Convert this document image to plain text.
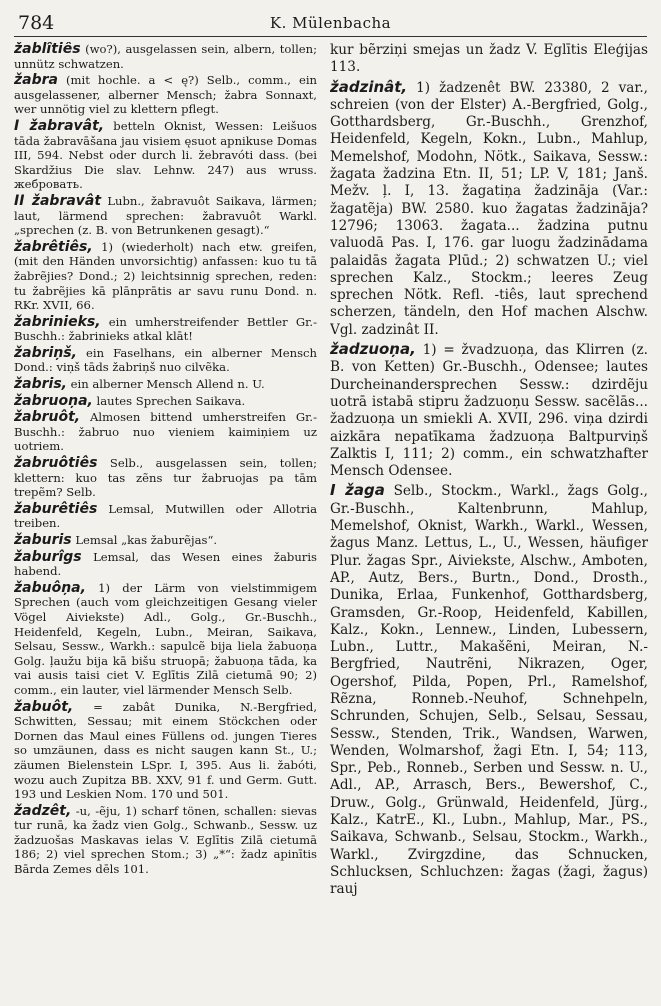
784	K. Mülenbacha

žablîtiês (wo?), ausgelassen sein, albern, tollen; unnütz schwatzen.

žabra (mit hochle. a < ę?) Selb., comm., ein ausgelassener, alberner Mensch; žabra Sonnaxt, wer unnötig viel zu klettern pflegt.

I žabravât, betteln Oknist, Wessen: Leišuos tāda žabravāšana jau visiem ęsuot apnikuse Domas III, 594. Nebst oder durch li. žebravóti dass. (bei Skardžius Die slav. Lehnw. 247) aus wruss. жебровать.

II žabravât Lubn., žabravuôt Saikava, lärmen; laut, lärmend sprechen: žabravuôt Warkl. „sprechen (z. B. von Betrunkenen gesagt).“

žabrêtiês, 1) (wiederholt) nach etw. greifen, (mit den Händen unvorsichtig) anfassen: kuo tu tā žabrẽjies? Dond.; 2) leichtsinnig sprechen, reden: tu žabrẽjies kā plānprātis ar savu runu Dond. n. RKr. XVII, 66.

žabrinieks, ein umherstreifender Bettler Gr.-Buschh.: žabrinieks atkal klāt!

žabriņš, ein Faselhans, ein alberner Mensch Dond.: viņš tāds žabriņš nuo cilvẽka.

žabris, ein alberner Mensch Allend n. U.

žabruoņa, lautes Sprechen Saikava.

žabruôt, Almosen bittend umherstreifen Gr.-Buschh.: žabruo nuo vieniem kaimiņiem uz uotriem.

žabruôtiês Selb., ausgelassen sein, tollen; klettern: kuo tas zẽns tur žabruojas pa tām trepẽm? Selb.

žaburêtiês Lemsal, Mutwillen oder Allotria treiben.

žaburis Lemsal „kas žaburẽjas“.

žaburîgs Lemsal, das Wesen eines žaburis habend.

žabuôņa, 1) der Lärm von vielstimmigem Sprechen (auch vom gleichzeitigen Gesang vieler Vögel Aiviekste) Adl., Golg., Gr.-Buschh., Heidenfeld, Kegeln, Lubn., Meiran, Saikava, Selsau, Sessw., Warkh.: sapulcẽ bija liela žabuoņa Golg. ļaužu bija kā bišu struopā; žabuoņa tāda, ka vai ausis taisi ciet V. Eglītis Zilā cietumā 90; 2) comm., ein lauter, viel lärmender Mensch Selb.

žabuôt, = zabât Dunika, N.-Bergfried, Schwitten, Sessau; mit einem Stöckchen oder Dornen das Maul eines Füllens od. jungen Tieres so umzäunen, dass es nicht saugen kann St., U.; zäumen Bielenstein LSpr. I, 395. Aus li. žabóti, wozu auch Zupitza BB. XXV, 91 f. und Germ. Gutt. 193 und Leskien Nom. 170 und 501.

žadzêt, -u, -ẽju, 1) scharf tönen, schallen: sievas tur runā, ka žadz vien Golg., Schwanb., Sessw. uz žadzuošas Maskavas ielas V. Eglītis Zilā cietumā 186; 2) viel sprechen Stom.; 3) „*“: žadz apinītis Bārda Zemes dēls 101.

kur bẽrziņi smejas un žadz V. Eglītis Eleģijas 113.

žadzinât, 1) žadzenêt BW. 23380, 2 var., schreien (von der Elster) A.-Bergfried, Golg., Gotthardsberg, Gr.-Buschh., Grenzhof, Heidenfeld, Kegeln, Kokn., Lubn., Mahlup, Memelshof, Modohn, Nötk., Saikava, Sessw.: žagata žadzina Etn. II, 51; LP. V, 181; Janš. Mežv. ļ. I, 13. žagatiņa žadzināja (Var.: žagatẽja) BW. 2580. kuo žagatas žadzināja? 12796; 13063. žagata... žadzina putnu valuodā Pas. I, 176. gar luogu žadzinādama palaidās žagata Plūd.; 2) schwatzen U.; viel sprechen Kalz., Stockm.; leeres Zeug sprechen Nötk. Refl. -tiês, laut sprechend scherzen, tändeln, den Hof machen Alschw. Vgl. zadzinât II.

žadzuoņa, 1) = žvadzuoņa, das Klirren (z. B. von Ketten) Gr.-Buschh., Odensee; lautes Durcheinandersprechen Sessw.: dzirdẽju uotrā istabā stipru žadzuoņu Sessw. sacẽlās... žadzuoņa un smiekli A. XVII, 296. viņa dzirdi aizkāra nepatīkama žadzuoņa Baltpurviņš Zalktis I, 111; 2) comm., ein schwatzhafter Mensch Odensee.

I žaga Selb., Stockm., Warkl., žags Golg., Gr.-Buschh., Kaltenbrunn, Mahlup, Memelshof, Oknist, Warkh., Warkl., Wessen, žagus Manz. Lettus, L., U., Wessen, häufiger Plur. žagas Spr., Aiviekste, Alschw., Amboten, AP., Autz, Bers., Burtn., Dond., Drosth., Dunika, Erlaa, Funkenhof, Gotthardsberg, Gramsden, Gr.-Roop, Heidenfeld, Kabillen, Kalz., Kokn., Lennew., Linden, Lubessern, Lubn., Luttr., Makašẽni, Meiran, N.-Bergfried, Nautrẽni, Nikrazen, Oger, Ogershof, Pilda, Popen, Prl., Ramelshof, Rẽzna, Ronneb.-Neuhof, Schnehpeln, Schrunden, Schujen, Selb., Selsau, Sessau, Sessw., Stenden, Trik., Wandsen, Warwen, Wenden, Wolmarshof, žagi Etn. I, 54; 113, Spr., Peb., Ronneb., Serben und Sessw. n. U., Adl., AP., Arrasch, Bers., Bewershof, C., Druw., Golg., Grünwald, Heidenfeld, Jürg., Kalz., KatrE., Kl., Lubn., Mahlup, Mar., PS., Saikava, Schwanb., Selsau, Stockm., Warkh., Warkl., Zvirgzdine, das Schnucken, Schlucksen, Schluchzen: žagas (žagi, žagus) rauj
